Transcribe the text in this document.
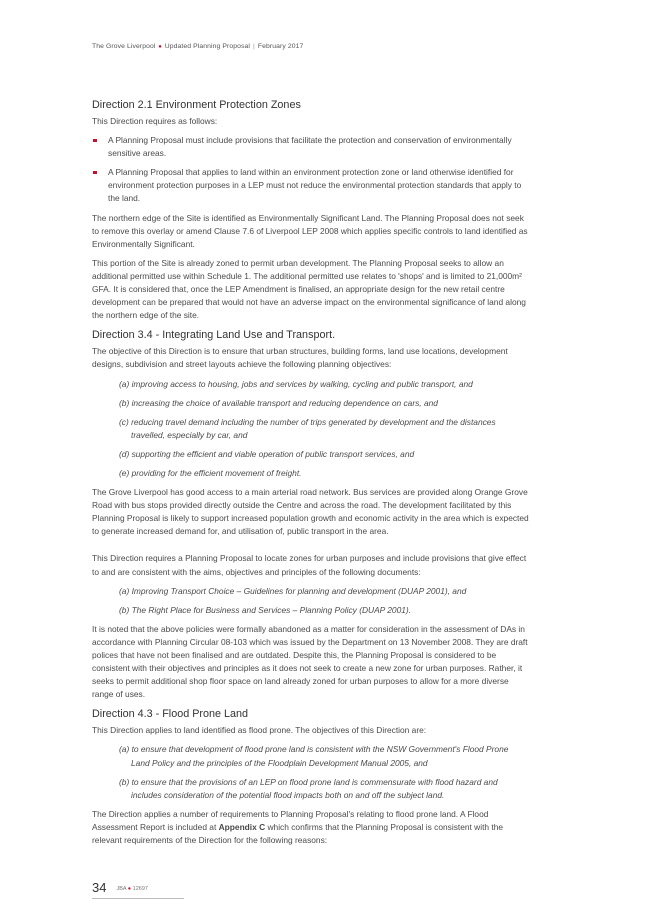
The Grove Liverpool ● Updated Planning Proposal | February 2017
Direction 2.1 Environment Protection Zones

This Direction requires as follows:

A Planning Proposal must include provisions that facilitate the protection and conservation of environmentally sensitive areas.
A Planning Proposal that applies to land within an environment protection zone or land otherwise identified for environment protection purposes in a LEP must not reduce the environmental protection standards that apply to the land.

The northern edge of the Site is identified as Environmentally Significant Land. The Planning Proposal does not seek to remove this overlay or amend Clause 7.6 of Liverpool LEP 2008 which applies specific controls to land identified as Environmentally Significant.

This portion of the Site is already zoned to permit urban development. The Planning Proposal seeks to allow an additional permitted use within Schedule 1. The additional permitted use relates to 'shops' and is limited to 21,000m² GFA. It is considered that, once the LEP Amendment is finalised, an appropriate design for the new retail centre development can be prepared that would not have an adverse impact on the environmental significance of land along the northern edge of the site.

Direction 3.4 - Integrating Land Use and Transport.

The objective of this Direction is to ensure that urban structures, building forms, land use locations, development designs, subdivision and street layouts achieve the following planning objectives:

(a) improving access to housing, jobs and services by walking, cycling and public transport, and
(b) increasing the choice of available transport and reducing dependence on cars, and
(c) reducing travel demand including the number of trips generated by development and the distances travelled, especially by car, and
(d) supporting the efficient and viable operation of public transport services, and
(e) providing for the efficient movement of freight.

The Grove Liverpool has good access to a main arterial road network. Bus services are provided along Orange Grove Road with bus stops provided directly outside the Centre and across the road. The development facilitated by this Planning Proposal is likely to support increased population growth and economic activity in the area which is expected to generate increased demand for, and utilisation of, public transport in the area.

This Direction requires a Planning Proposal to locate zones for urban purposes and include provisions that give effect to and are consistent with the aims, objectives and principles of the following documents:

(a) Improving Transport Choice – Guidelines for planning and development (DUAP 2001), and
(b) The Right Place for Business and Services – Planning Policy (DUAP 2001).

It is noted that the above policies were formally abandoned as a matter for consideration in the assessment of DAs in accordance with Planning Circular 08-103 which was issued by the Department on 13 November 2008. They are draft polices that have not been finalised and are outdated. Despite this, the Planning Proposal is considered to be consistent with their objectives and principles as it does not seek to create a new zone for urban purposes. Rather, it seeks to permit additional shop floor space on land already zoned for urban purposes to allow for a more diverse range of uses.

Direction 4.3 - Flood Prone Land

This Direction applies to land identified as flood prone. The objectives of this Direction are:

(a) to ensure that development of flood prone land is consistent with the NSW Government's Flood Prone Land Policy and the principles of the Floodplain Development Manual 2005, and
(b) to ensure that the provisions of an LEP on flood prone land is commensurate with flood hazard and includes consideration of the potential flood impacts both on and off the subject land.

The Direction applies a number of requirements to Planning Proposal's relating to flood prone land. A Flood Assessment Report is included at Appendix C which confirms that the Planning Proposal is consistent with the relevant requirements of the Direction for the following reasons:

34 JBA ● 12697
